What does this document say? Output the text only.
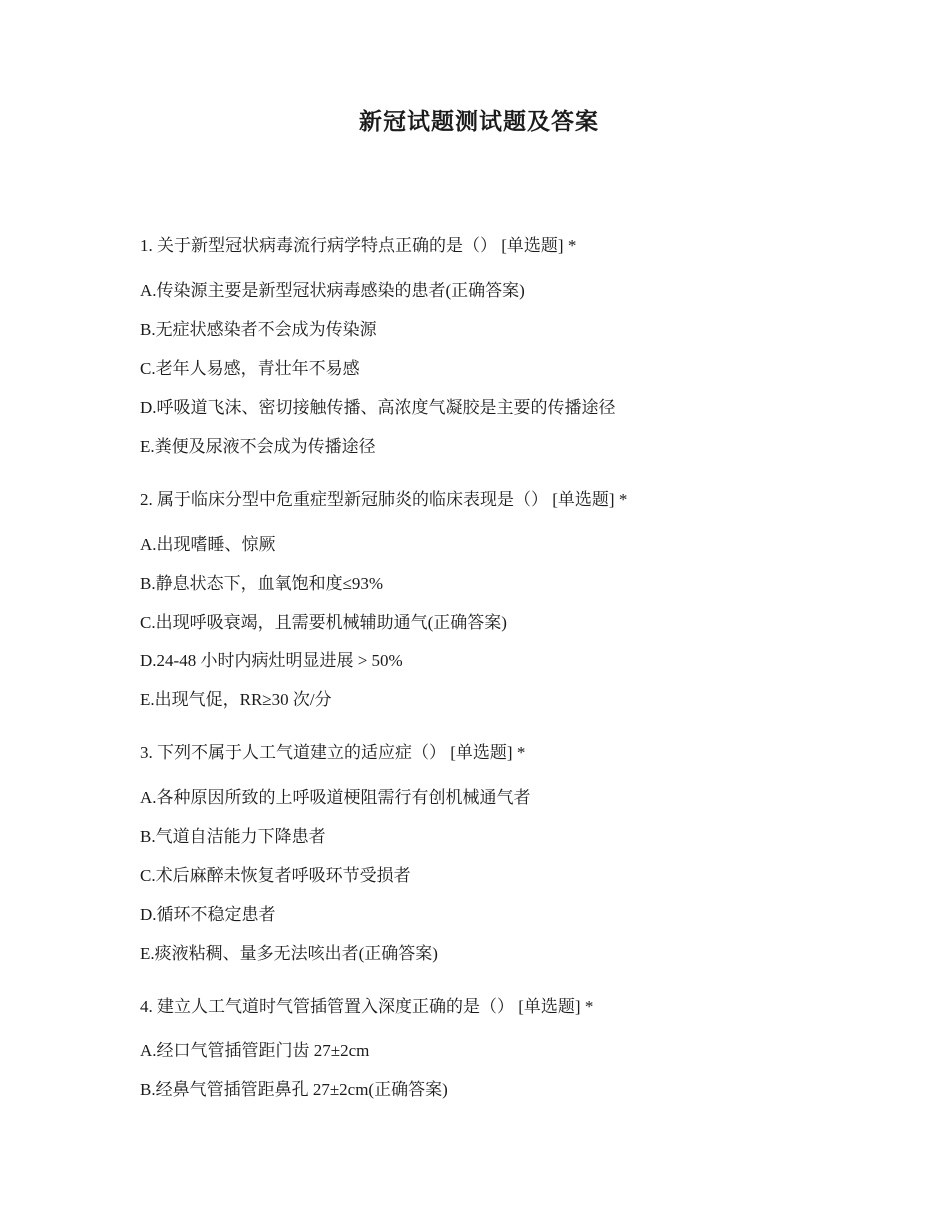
新冠试题测试题及答案
1. 关于新型冠状病毒流行病学特点正确的是（） [单选题] *
A.传染源主要是新型冠状病毒感染的患者(正确答案)
B.无症状感染者不会成为传染源
C.老年人易感，青壮年不易感
D.呼吸道飞沫、密切接触传播、高浓度气凝胶是主要的传播途径
E.粪便及尿液不会成为传播途径
2. 属于临床分型中危重症型新冠肺炎的临床表现是（） [单选题] *
A.出现嗜睡、惊厥
B.静息状态下，血氧饱和度≤93%
C.出现呼吸衰竭，且需要机械辅助通气(正确答案)
D.24-48 小时内病灶明显进展 > 50%
E.出现气促，RR≥30 次/分
3. 下列不属于人工气道建立的适应症（） [单选题] *
A.各种原因所致的上呼吸道梗阻需行有创机械通气者
B.气道自洁能力下降患者
C.术后麻醉未恢复者呼吸环节受损者
D.循环不稳定患者
E.痰液粘稠、量多无法咳出者(正确答案)
4. 建立人工气道时气管插管置入深度正确的是（） [单选题] *
A.经口气管插管距门齿 27±2cm
B.经鼻气管插管距鼻孔 27±2cm(正确答案)
